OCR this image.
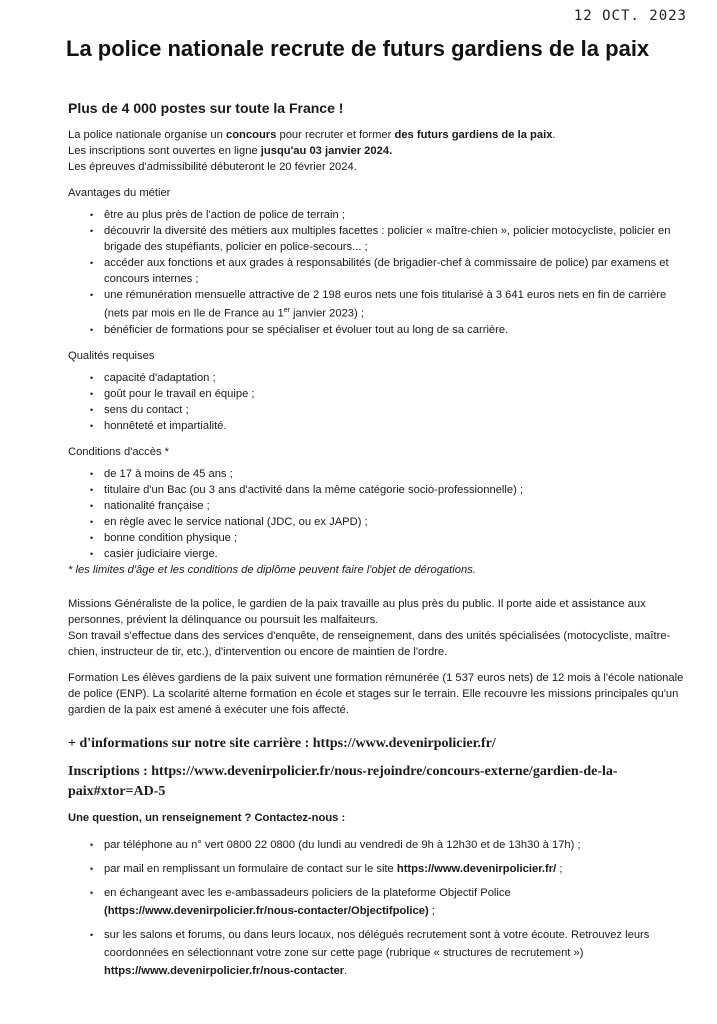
12 OCT. 2023
La police nationale recrute de futurs gardiens de la paix
Plus de 4 000 postes sur toute la France !

La police nationale organise un concours pour recruter et former des futurs gardiens de la paix.

Les inscriptions sont ouvertes en ligne jusqu'au 03 janvier 2024.

Les épreuves d'admissibilité débuteront le 20 février 2024.

Avantages du métier

• être au plus près de l'action de police de terrain ;
• découvrir la diversité des métiers aux multiples facettes : policier « maître-chien », policier motocycliste, policier en brigade des stupéfiants, policier en police-secours... ;
• accéder aux fonctions et aux grades à responsabilités (de brigadier-chef à commissaire de police) par examens et concours internes ;
• une rémunération mensuelle attractive de 2 198 euros nets une fois titularisé à 3 641 euros nets en fin de carrière (nets par mois en Ile de France au 1er janvier 2023) ;
• bénéficier de formations pour se spécialiser et évoluer tout au long de sa carrière.

Qualités requises

• capacité d'adaptation ;
• goût pour le travail en équipe ;
• sens du contact ;
• honnêteté et impartialité.

Conditions d'accès *

• de 17 à moins de 45 ans ;
• titulaire d'un Bac (ou 3 ans d'activité dans la même catégorie socio-professionnelle) ;
• nationalité française ;
• en règle avec le service national (JDC, ou ex JAPD) ;
• bonne condition physique ;
• casier judiciaire vierge.

* les limites d'âge et les conditions de diplôme peuvent faire l'objet de dérogations.

Missions Généraliste de la police, le gardien de la paix travaille au plus près du public. Il porte aide et assistance aux personnes, prévient la délinquance ou poursuit les malfaiteurs.

Son travail s'effectue dans des services d'enquête, de renseignement, dans des unités spécialisées (motocycliste, maître-chien, instructeur de tir, etc.), d'intervention ou encore de maintien de l'ordre.

Formation Les élèves gardiens de la paix suivent une formation rémunérée (1 537 euros nets) de 12 mois à l'école nationale de police (ENP). La scolarité alterne formation en école et stages sur le terrain. Elle recouvre les missions principales qu'un gardien de la paix est amené à exécuter une fois affecté.

+ d'informations sur notre site carrière : https://www.devenirpolicier.fr/

Inscriptions : https://www.devenirpolicier.fr/nous-rejoindre/concours-externe/gardien-de-la-paix#xtor=AD-5

Une question, un renseignement ? Contactez-nous :

• par téléphone au n° vert 0800 22 0800 (du lundi au vendredi de 9h à 12h30 et de 13h30 à 17h) ;
• par mail en remplissant un formulaire de contact sur le site https://www.devenirpolicier.fr/ ;
• en échangeant avec les e-ambassadeurs policiers de la plateforme Objectif Police (https://www.devenirpolicier.fr/nous-contacter/Objectifpolice) ;
• sur les salons et forums, ou dans leurs locaux, nos délégués recrutement sont à votre écoute. Retrouvez leurs coordonnées en sélectionnant votre zone sur cette page (rubrique « structures de recrutement ») https://www.devenirpolicier.fr/nous-contacter.
